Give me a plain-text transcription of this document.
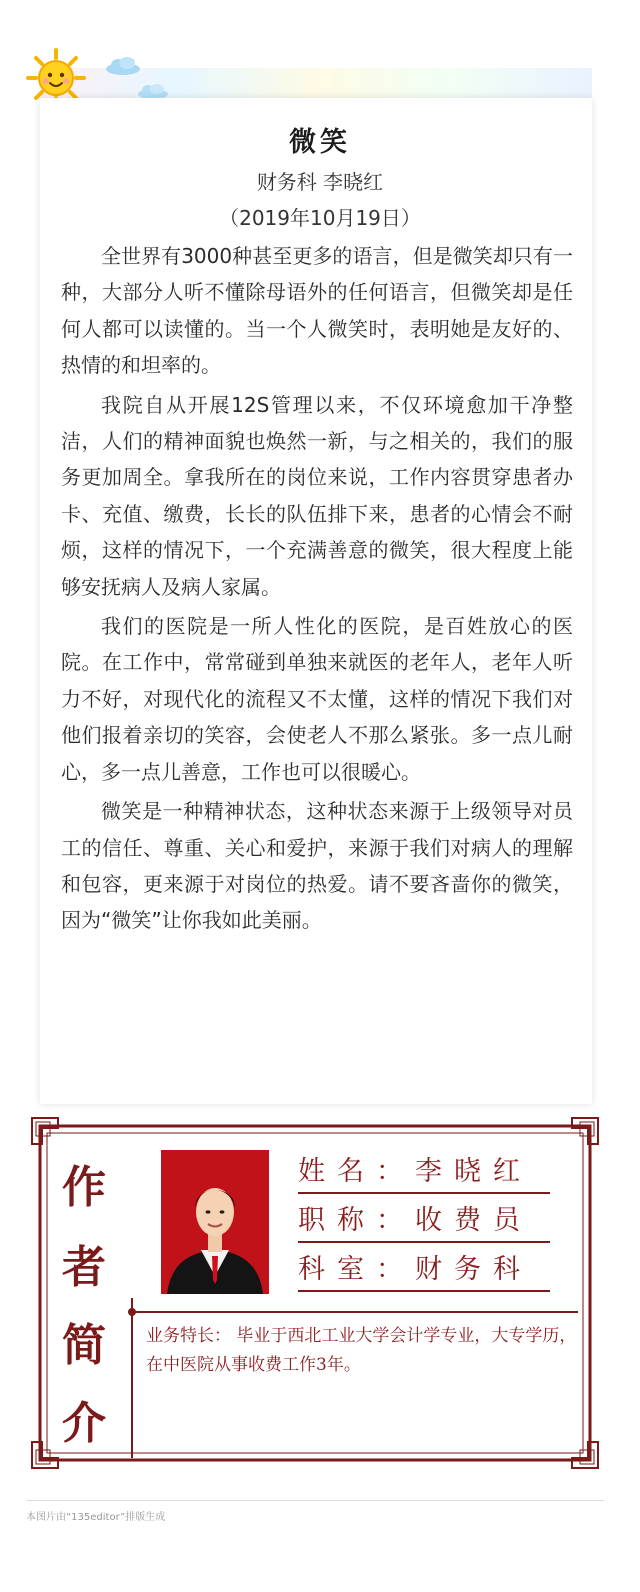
微笑
财务科 李晓红
（2019年10月19日）

全世界有3000种甚至更多的语言，但是微笑却只有一种，大部分人听不懂除母语外的任何语言，但微笑却是任何人都可以读懂的。当一个人微笑时，表明她是友好的、热情的和坦率的。

我院自从开展12S管理以来，不仅环境愈加干净整洁，人们的精神面貌也焕然一新，与之相关的，我们的服务更加周全。拿我所在的岗位来说，工作内容贯穿患者办卡、充值、缴费，长长的队伍排下来，患者的心情会不耐烦，这样的情况下，一个充满善意的微笑，很大程度上能够安抚病人及病人家属。

我们的医院是一所人性化的医院，是百姓放心的医院。在工作中，常常碰到单独来就医的老年人，老年人听力不好，对现代化的流程又不太懂，这样的情况下我们对他们报着亲切的笑容，会使老人不那么紧张。多一点儿耐心，多一点儿善意，工作也可以很暖心。

微笑是一种精神状态，这种状态来源于上级领导对员工的信任、尊重、关心和爱护，来源于我们对病人的理解和包容，更来源于对岗位的热爱。请不要吝啬你的微笑，因为“微笑”让你我如此美丽。

作
者
简
介
姓名：李晓红
职称：收费员
科室：财务科
业务特长： 毕业于西北工业大学会计学专业，大专学历，在中医院从事收费工作3年。
本图片由“135editor”排版生成
